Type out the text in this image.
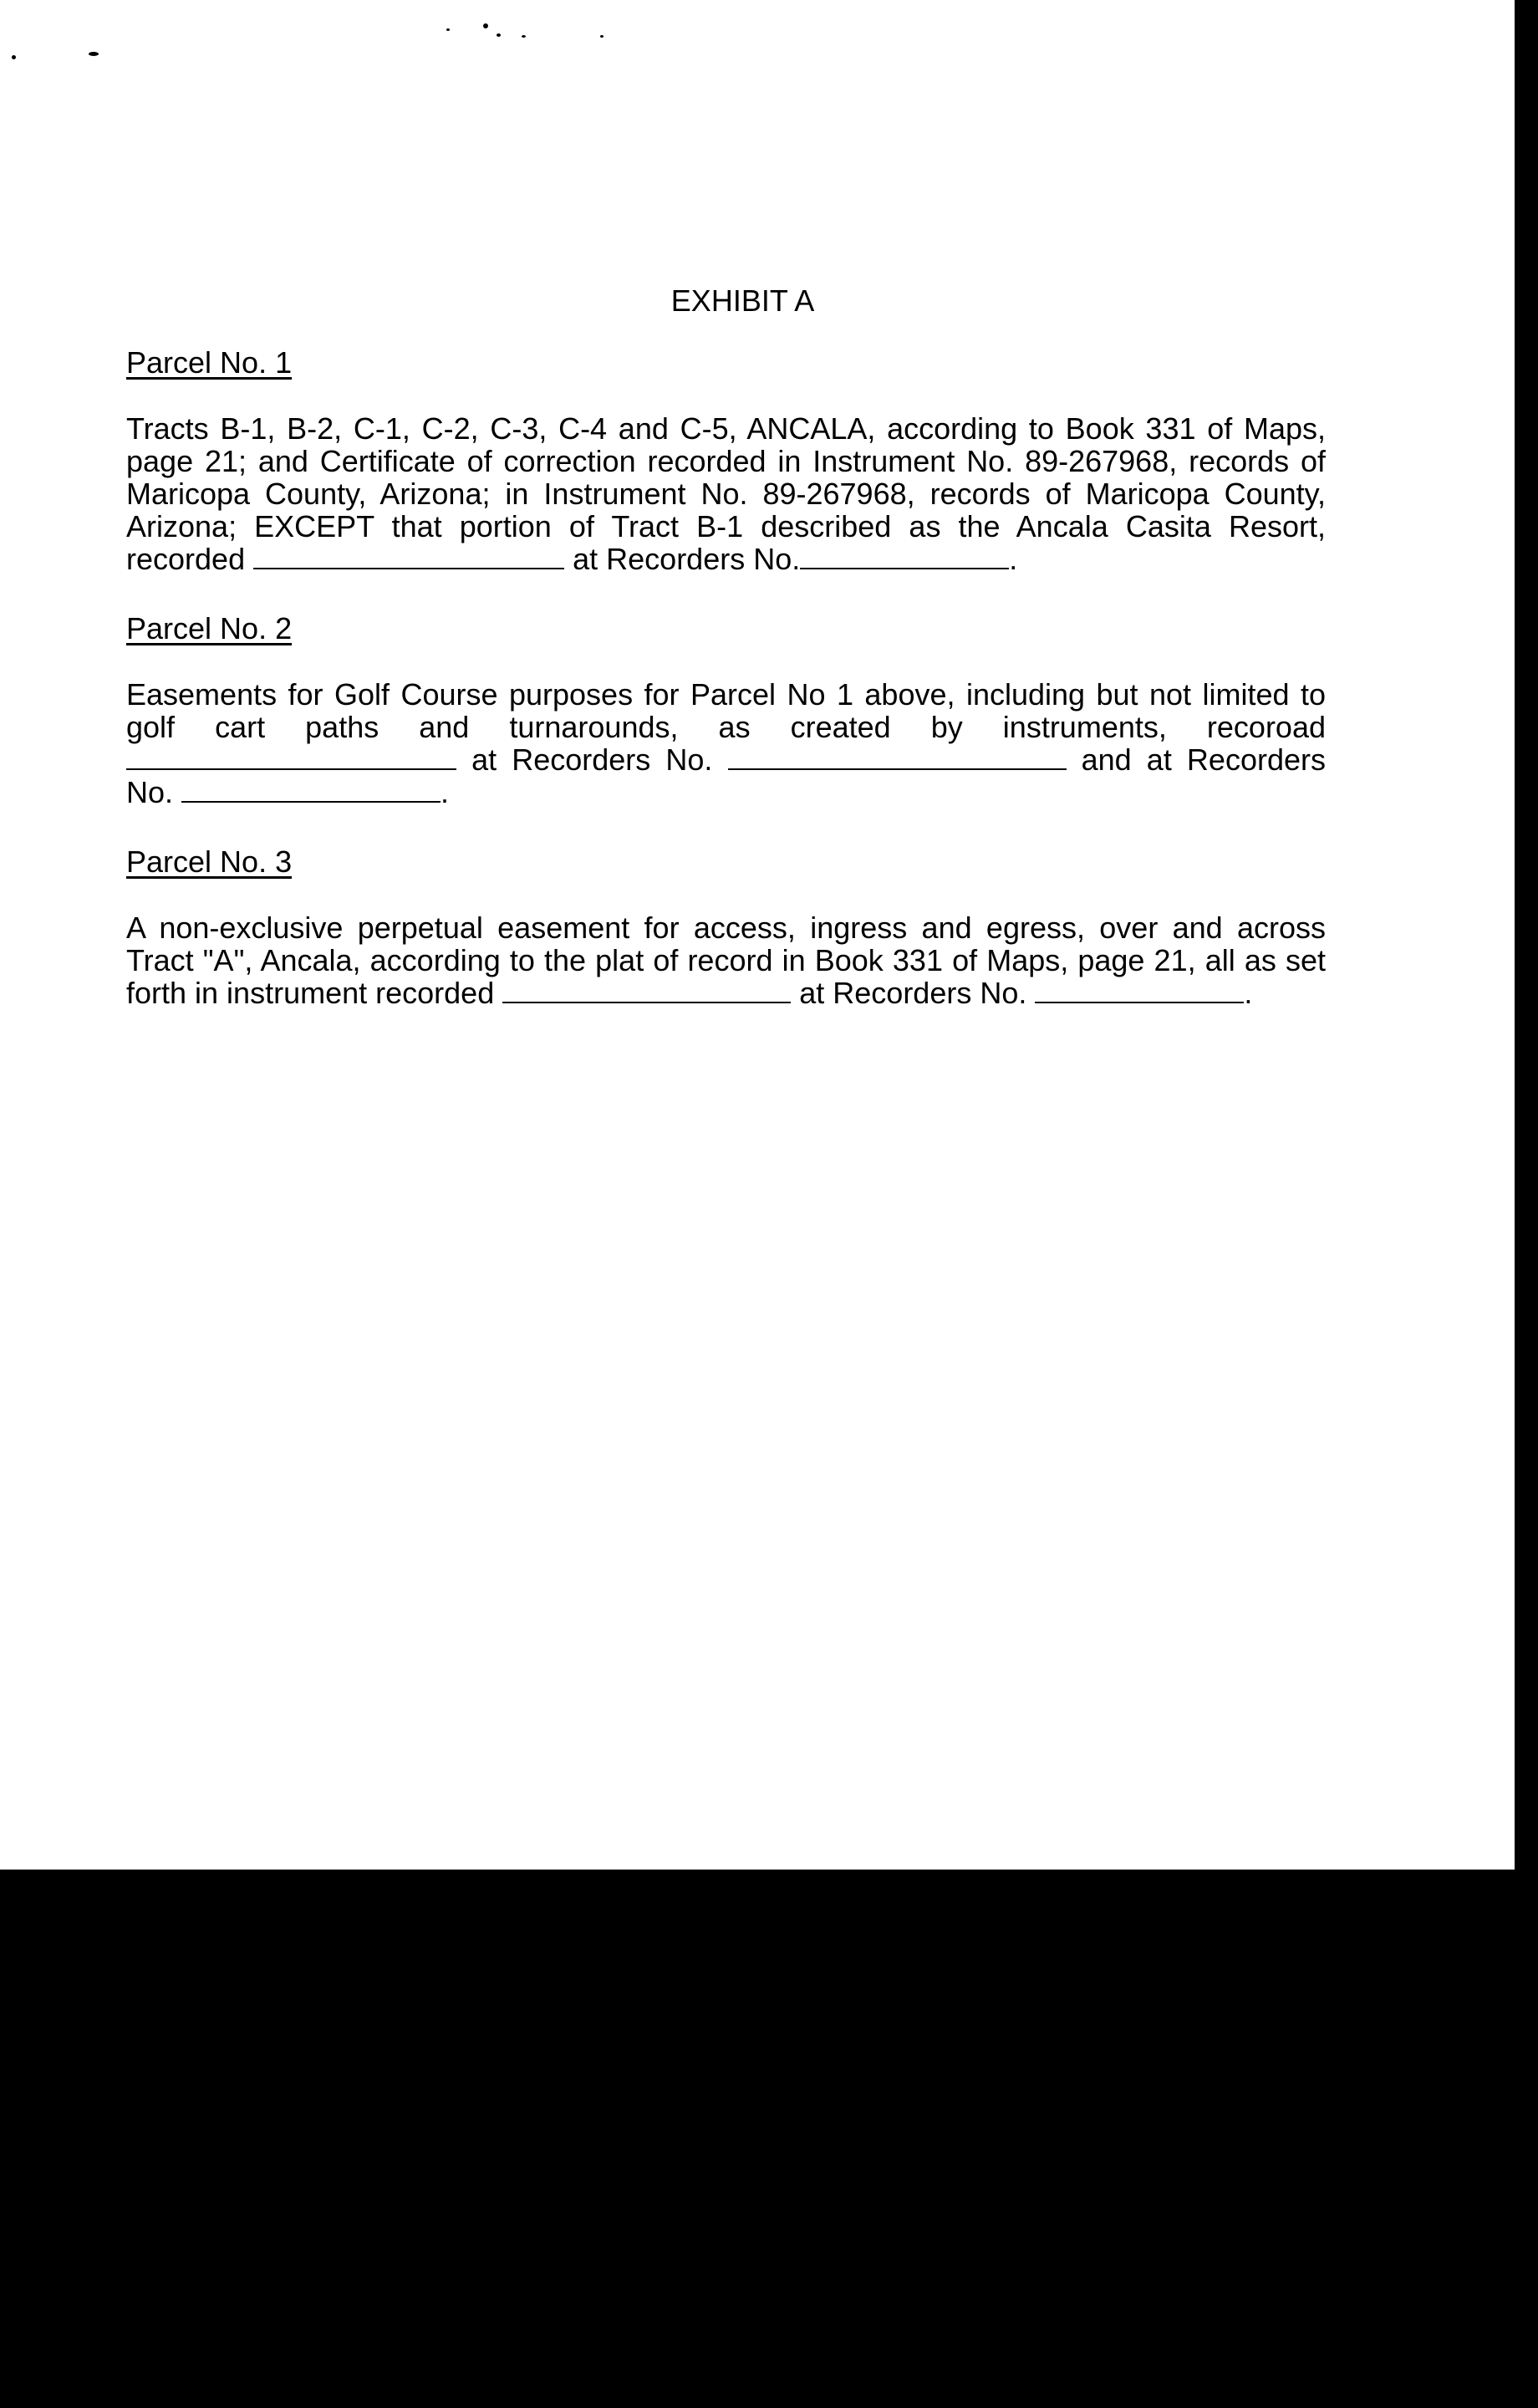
EXHIBIT A
Parcel No. 1

Tracts B-1, B-2, C-1, C-2, C-3, C-4 and C-5, ANCALA, according to Book 331 of Maps, page 21; and Certificate of correction recorded in Instrument No. 89-267968, records of Maricopa County, Arizona; in Instrument No. 89-267968, records of Maricopa County, Arizona; EXCEPT that portion of Tract B-1 described as the Ancala Casita Resort, recorded	at Recorders No.	.

Parcel No. 2

Easements for Golf Course purposes for Parcel No 1 above, including but not limited to golf cart paths and turnarounds, as created by instruments, recoroad  at Recorders No.	and at Recorders No.	.

Parcel No. 3

A non-exclusive perpetual easement for access, ingress and egress, over and across Tract "A", Ancala, according to the plat of record in Book 331 of Maps, page 21, all as set forth in instrument recorded	at Recorders No.	.
